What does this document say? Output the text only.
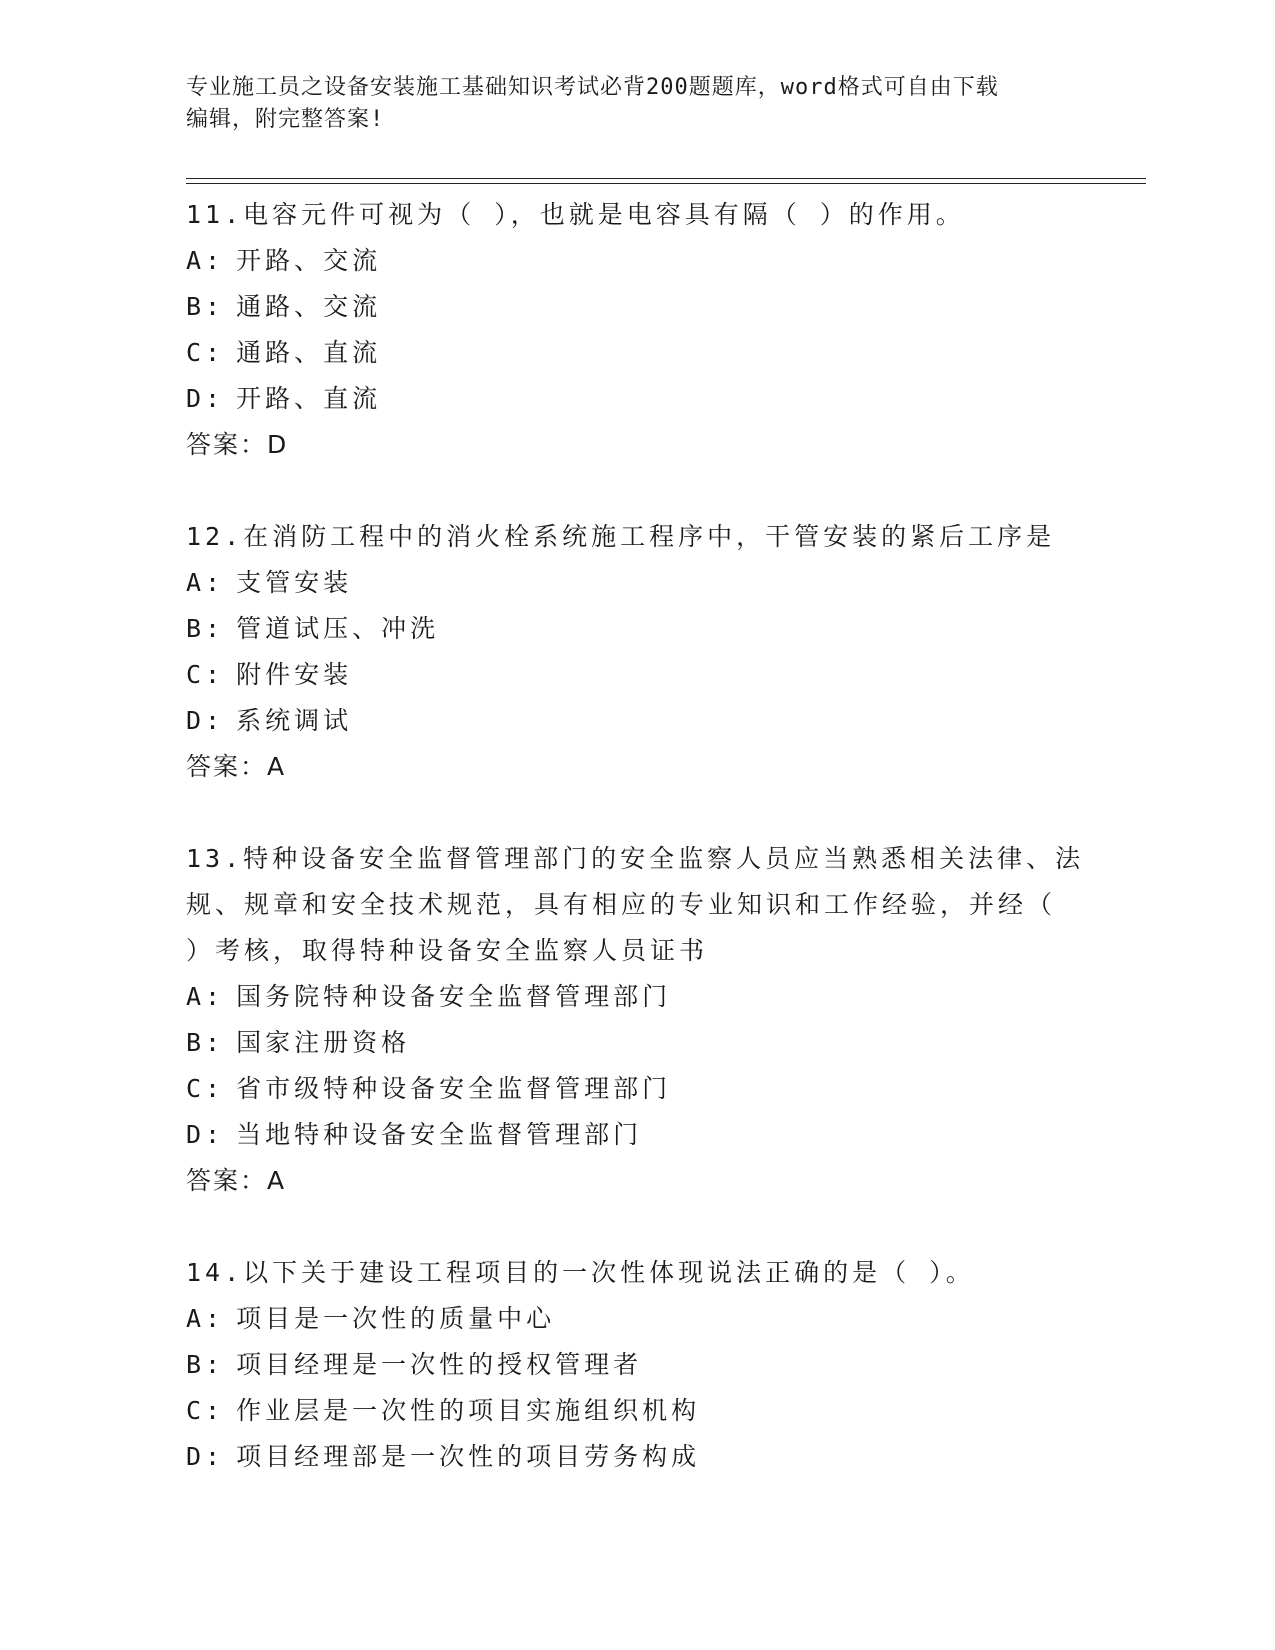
专业施工员之设备安装施工基础知识考试必背200题题库，word格式可自由下载
编辑，附完整答案!
11.电容元件可视为（ ），也就是电容具有隔（ ）的作用。
A: 开路、交流
B: 通路、交流
C: 通路、直流
D: 开路、直流
答案：D
12.在消防工程中的消火栓系统施工程序中，干管安装的紧后工序是
A: 支管安装
B: 管道试压、冲洗
C: 附件安装
D: 系统调试
答案：A
13.特种设备安全监督管理部门的安全监察人员应当熟悉相关法律、法规、规章和安全技术规范，具有相应的专业知识和工作经验，并经（ ）考核，取得特种设备安全监察人员证书
A: 国务院特种设备安全监督管理部门
B: 国家注册资格
C: 省市级特种设备安全监督管理部门
D: 当地特种设备安全监督管理部门
答案：A
14.以下关于建设工程项目的一次性体现说法正确的是（ ）。
A: 项目是一次性的质量中心
B: 项目经理是一次性的授权管理者
C: 作业层是一次性的项目实施组织机构
D: 项目经理部是一次性的项目劳务构成
